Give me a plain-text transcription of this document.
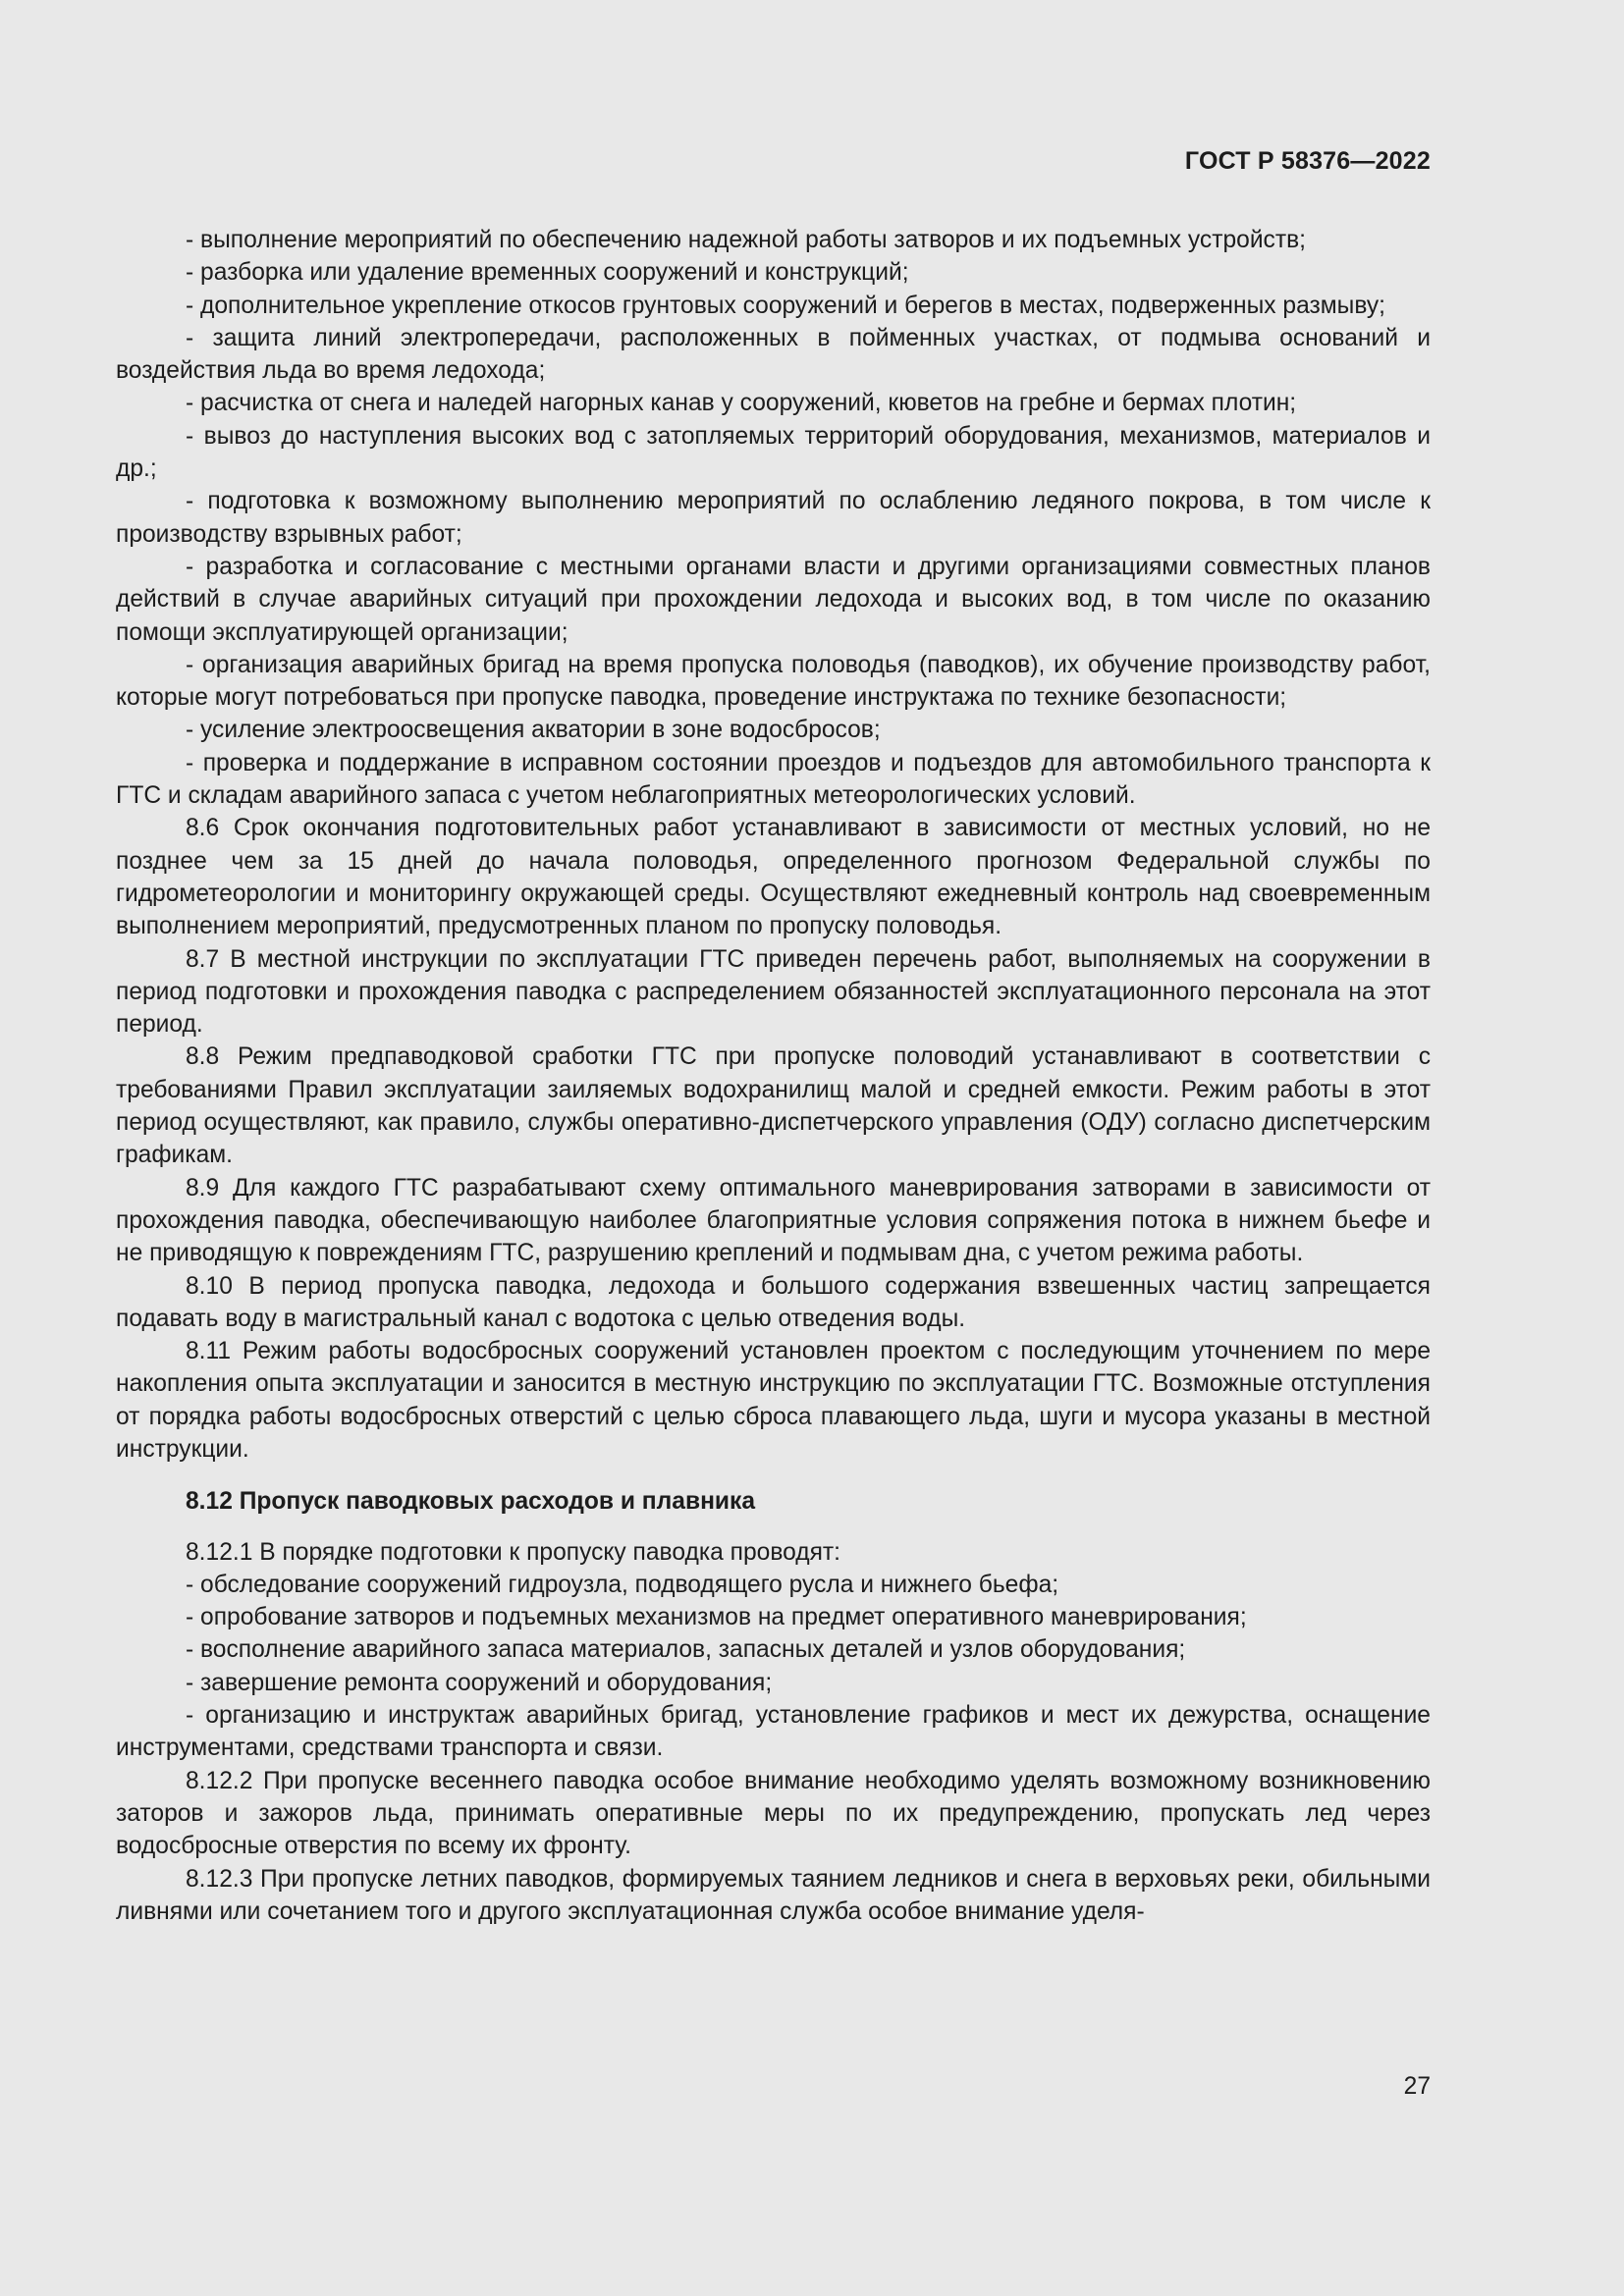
ГОСТ Р 58376—2022

- выполнение мероприятий по обеспечению надежной работы затворов и их подъемных устройств;

- разборка или удаление временных сооружений и конструкций;

- дополнительное укрепление откосов грунтовых сооружений и берегов в местах, подверженных размыву;

- защита линий электропередачи, расположенных в пойменных участках, от подмыва оснований и воздействия льда во время ледохода;

- расчистка от снега и наледей нагорных канав у сооружений, кюветов на гребне и бермах плотин;

- вывоз до наступления высоких вод с затопляемых территорий оборудования, механизмов, материалов и др.;

- подготовка к возможному выполнению мероприятий по ослаблению ледяного покрова, в том числе к производству взрывных работ;

- разработка и согласование с местными органами власти и другими организациями совместных планов действий в случае аварийных ситуаций при прохождении ледохода и высоких вод, в том числе по оказанию помощи эксплуатирующей организации;

- организация аварийных бригад на время пропуска половодья (паводков), их обучение производству работ, которые могут потребоваться при пропуске паводка, проведение инструктажа по технике безопасности;

- усиление электроосвещения акватории в зоне водосбросов;

- проверка и поддержание в исправном состоянии проездов и подъездов для автомобильного транспорта к ГТС и складам аварийного запаса с учетом неблагоприятных метеорологических условий.

8.6 Срок окончания подготовительных работ устанавливают в зависимости от местных условий, но не позднее чем за 15 дней до начала половодья, определенного прогнозом Федеральной службы по гидрометеорологии и мониторингу окружающей среды. Осуществляют ежедневный контроль над своевременным выполнением мероприятий, предусмотренных планом по пропуску половодья.

8.7 В местной инструкции по эксплуатации ГТС приведен перечень работ, выполняемых на сооружении в период подготовки и прохождения паводка с распределением обязанностей эксплуатационного персонала на этот период.

8.8 Режим предпаводковой сработки ГТС при пропуске половодий устанавливают в соответствии с требованиями Правил эксплуатации заиляемых водохранилищ малой и средней емкости. Режим работы в этот период осуществляют, как правило, службы оперативно-диспетчерского управления (ОДУ) согласно диспетчерским графикам.

8.9 Для каждого ГТС разрабатывают схему оптимального маневрирования затворами в зависимости от прохождения паводка, обеспечивающую наиболее благоприятные условия сопряжения потока в нижнем бьефе и не приводящую к повреждениям ГТС, разрушению креплений и подмывам дна, с учетом режима работы.

8.10 В период пропуска паводка, ледохода и большого содержания взвешенных частиц запрещается подавать воду в магистральный канал с водотока с целью отведения воды.

8.11 Режим работы водосбросных сооружений установлен проектом с последующим уточнением по мере накопления опыта эксплуатации и заносится в местную инструкцию по эксплуатации ГТС. Возможные отступления от порядка работы водосбросных отверстий с целью сброса плавающего льда, шуги и мусора указаны в местной инструкции.

8.12 Пропуск паводковых расходов и плавника

8.12.1 В порядке подготовки к пропуску паводка проводят:

- обследование сооружений гидроузла, подводящего русла и нижнего бьефа;

- опробование затворов и подъемных механизмов на предмет оперативного маневрирования;

- восполнение аварийного запаса материалов, запасных деталей и узлов оборудования;

- завершение ремонта сооружений и оборудования;

- организацию и инструктаж аварийных бригад, установление графиков и мест их дежурства, оснащение инструментами, средствами транспорта и связи.

8.12.2 При пропуске весеннего паводка особое внимание необходимо уделять возможному возникновению заторов и зажоров льда, принимать оперативные меры по их предупреждению, пропускать лед через водосбросные отверстия по всему их фронту.

8.12.3 При пропуске летних паводков, формируемых таянием ледников и снега в верховьях реки, обильными ливнями или сочетанием того и другого эксплуатационная служба особое внимание уделя-

27
